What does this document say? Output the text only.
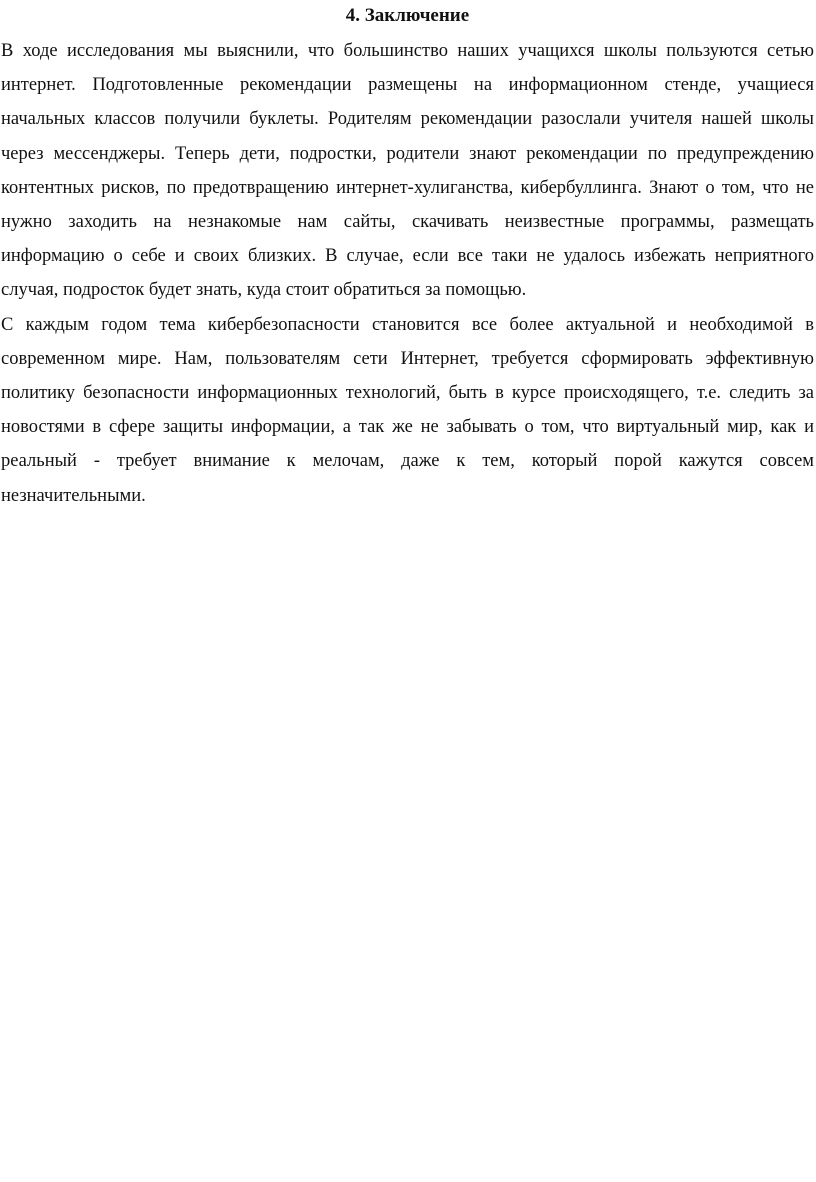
4. Заключение

В ходе исследования мы выяснили, что большинство наших учащихся школы пользуются сетью интернет. Подготовленные рекомендации размещены на информационном стенде, учащиеся начальных классов получили буклеты. Родителям рекомендации разослали учителя нашей школы через мессенджеры. Теперь дети, подростки, родители знают рекомендации по предупреждению контентных рисков, по предотвращению интернет-хулиганства, кибербуллинга. Знают о том, что не нужно заходить на незнакомые нам сайты, скачивать неизвестные программы, размещать информацию о себе и своих близких. В случае, если все таки не удалось избежать неприятного случая, подросток будет знать, куда стоит обратиться за помощью.

С каждым годом тема кибербезопасности становится все более актуальной и необходимой в современном мире. Нам, пользователям сети Интернет, требуется сформировать эффективную политику безопасности информационных технологий, быть в курсе происходящего, т.е. следить за новостями в сфере защиты информации, а так же не забывать о том, что виртуальный мир, как и реальный - требует внимание к мелочам, даже к тем, который порой кажутся совсем незначительными.
